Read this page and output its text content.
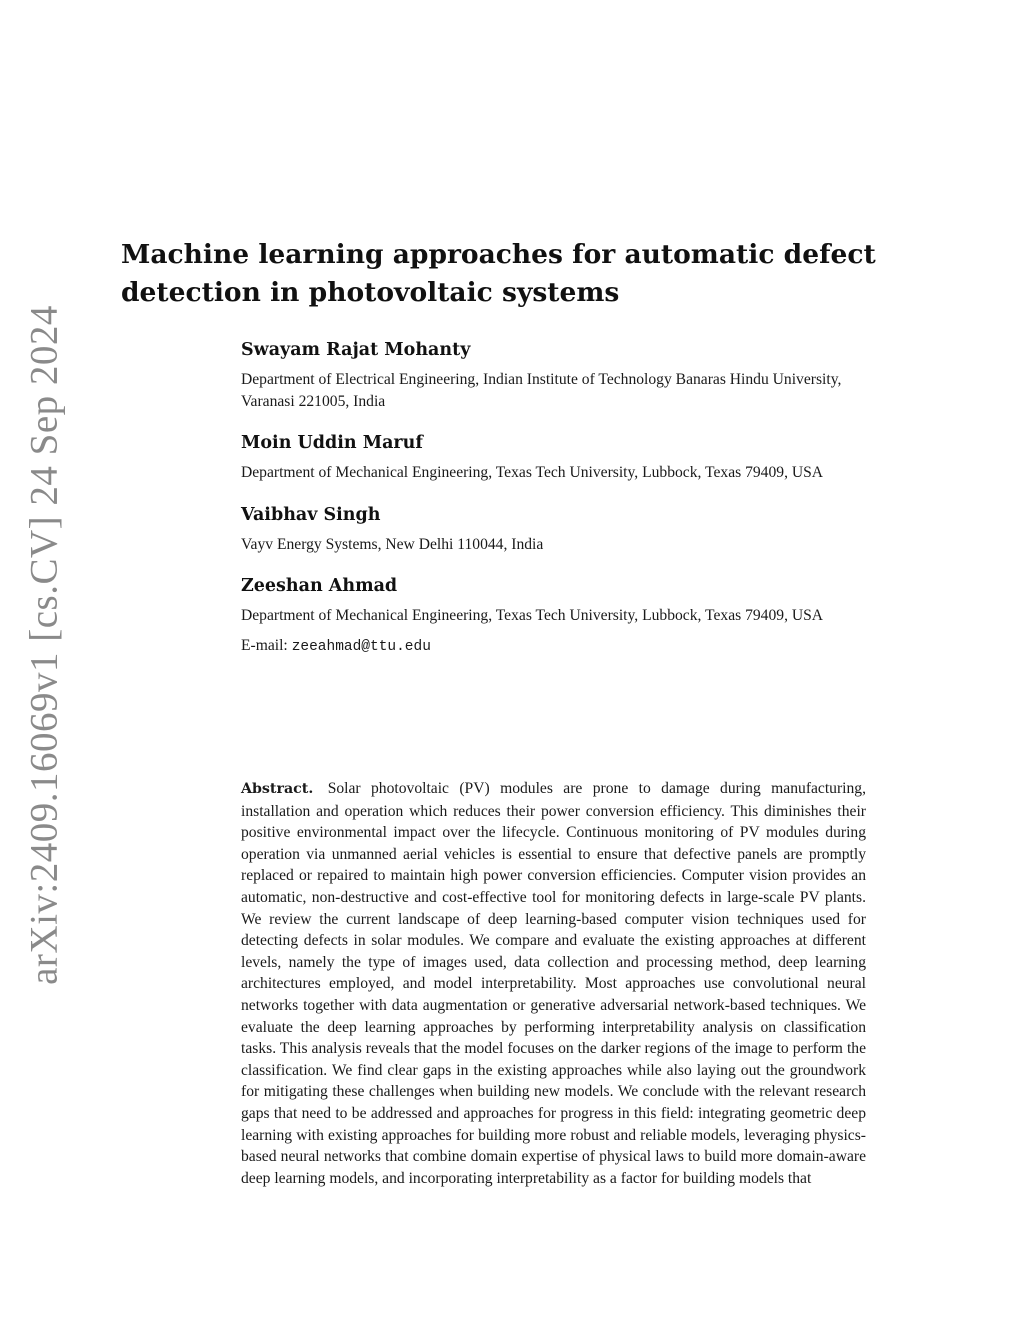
arXiv:2409.16069v1 [cs.CV] 24 Sep 2024
Machine learning approaches for automatic defect detection in photovoltaic systems
Swayam Rajat Mohanty
Department of Electrical Engineering, Indian Institute of Technology Banaras Hindu University, Varanasi 221005, India
Moin Uddin Maruf
Department of Mechanical Engineering, Texas Tech University, Lubbock, Texas 79409, USA
Vaibhav Singh
Vayv Energy Systems, New Delhi 110044, India
Zeeshan Ahmad
Department of Mechanical Engineering, Texas Tech University, Lubbock, Texas 79409, USA
E-mail: zeeahmad@ttu.edu

Abstract. Solar photovoltaic (PV) modules are prone to damage during manufacturing, installation and operation which reduces their power conversion efficiency. This diminishes their positive environmental impact over the lifecycle. Continuous monitoring of PV modules during operation via unmanned aerial vehicles is essential to ensure that defective panels are promptly replaced or repaired to maintain high power conversion efficiencies. Computer vision provides an automatic, non-destructive and cost-effective tool for monitoring defects in large-scale PV plants. We review the current landscape of deep learning-based computer vision techniques used for detecting defects in solar modules. We compare and evaluate the existing approaches at different levels, namely the type of images used, data collection and processing method, deep learning architectures employed, and model interpretability. Most approaches use convolutional neural networks together with data augmentation or generative adversarial network-based techniques. We evaluate the deep learning approaches by performing interpretability analysis on classification tasks. This analysis reveals that the model focuses on the darker regions of the image to perform the classification. We find clear gaps in the existing approaches while also laying out the groundwork for mitigating these challenges when building new models. We conclude with the relevant research gaps that need to be addressed and approaches for progress in this field: integrating geometric deep learning with existing approaches for building more robust and reliable models, leveraging physics-based neural networks that combine domain expertise of physical laws to build more domain-aware deep learning models, and incorporating interpretability as a factor for building models that
